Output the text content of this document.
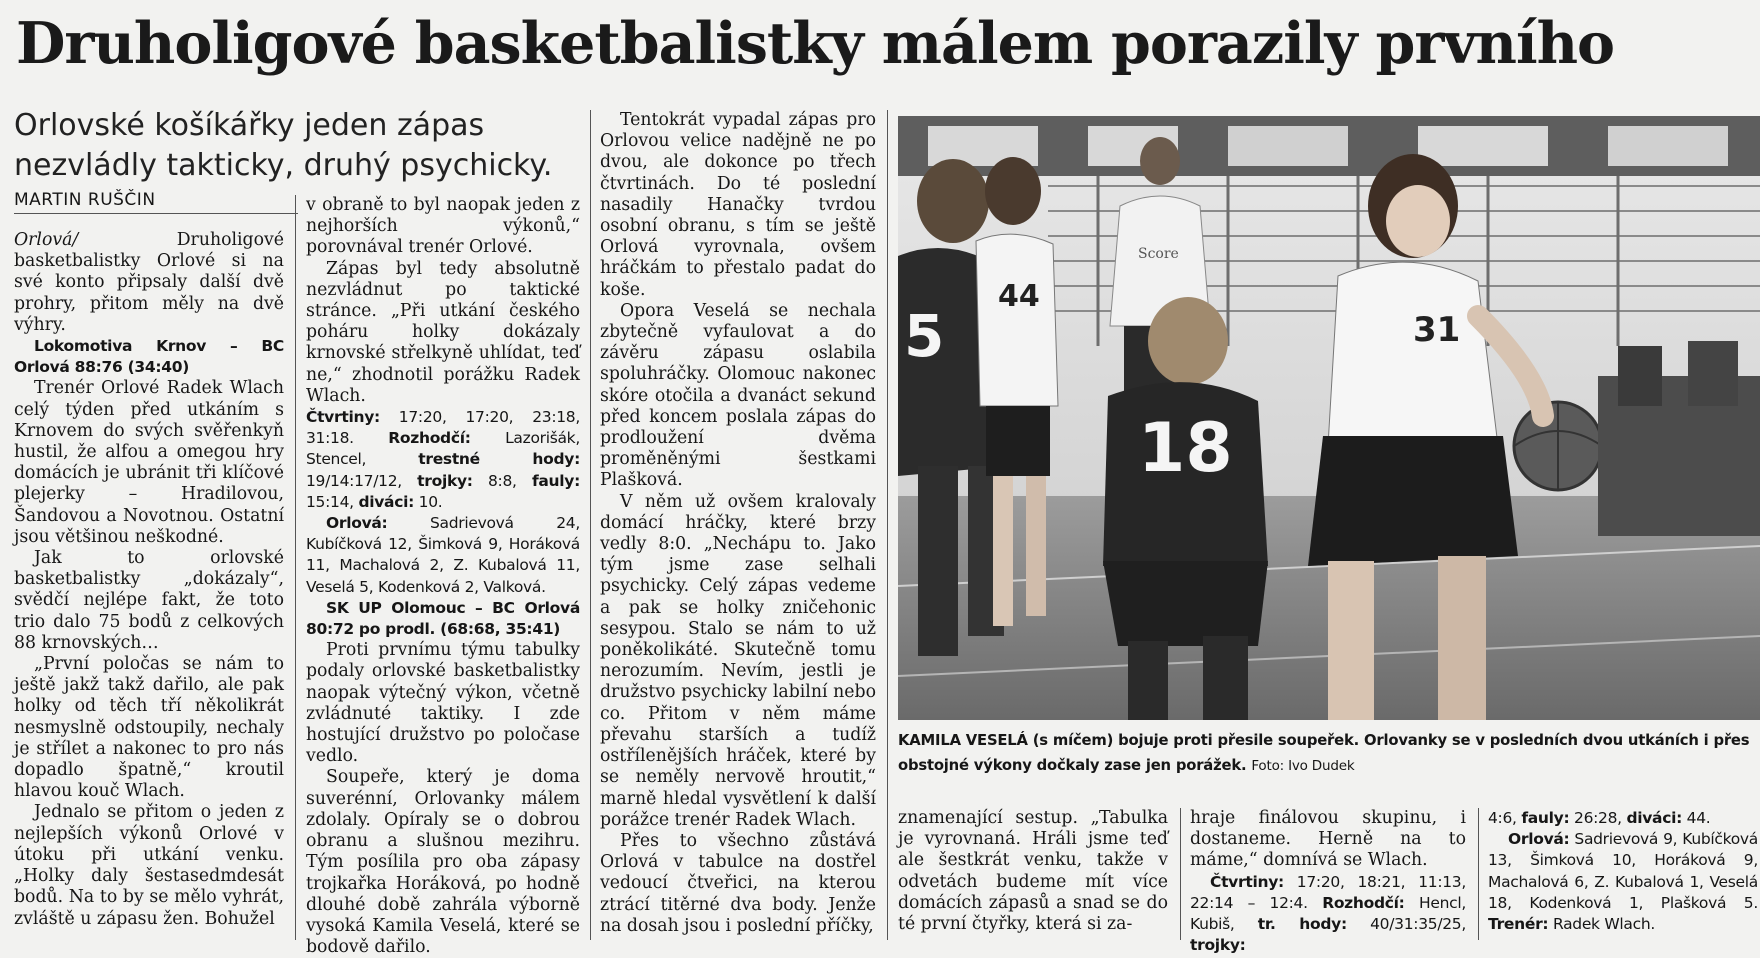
Druholigové basketbalistky málem porazily prvního
Orlovské košíkářky jeden zápas nezvládly takticky, druhý psychicky.
MARTIN RUŠČIN

Orlová/ Druholigové basketbalistky Orlové si na své konto připsaly další dvě prohry, přitom měly na dvě výhry.

Lokomotiva Krnov – BC Orlová 88:76 (34:40)

Trenér Orlové Radek Wlach celý týden před utkáním s Krnovem do svých svěřenkyň hustil, že alfou a omegou hry domácích je ubránit tři klíčové plejerky – Hradilovou, Šandovou a Novotnou. Ostatní jsou většinou neškodné.

Jak to orlovské basketbalistky „dokázaly“, svědčí nejlépe fakt, že toto trio dalo 75 bodů z celkových 88 krnovských…

„První poločas se nám to ještě jakž takž dařilo, ale pak holky od těch tří několikrát nesmyslně odstoupily, nechaly je střílet a nakonec to pro nás dopadlo špatně,“ kroutil hlavou kouč Wlach.

Jednalo se přitom o jeden z nejlepších výkonů Orlové v útoku při utkání venku. „Holky daly šestasedmdesát bodů. Na to by se mělo vyhrát, zvláště u zápasu žen. Bohužel

v obraně to byl naopak jeden z nejhorších výkonů,“ porovnával trenér Orlové.

Zápas byl tedy absolutně nezvládnut po taktické stránce. „Při utkání českého poháru holky dokázaly krnovské střelkyně uhlídat, teď ne,“ zhodnotil porážku Radek Wlach.

Čtvrtiny: 17:20, 17:20, 23:18, 31:18. Rozhodčí: Lazorišák, Stencel, trestné hody: 19/14:17/12, trojky: 8:8, fauly: 15:14, diváci: 10.

Orlová: Sadrievová 24, Kubíčková 12, Šimková 9, Horáková 11, Machalová 2, Z. Kubalová 11, Veselá 5, Kodenková 2, Valková.

SK UP Olomouc – BC Orlová 80:72 po prodl. (68:68, 35:41)

Proti prvnímu týmu tabulky podaly orlovské basketbalistky naopak výtečný výkon, včetně zvládnuté taktiky. I zde hostující družstvo po poločase vedlo.

Soupeře, který je doma suverénní, Orlovanky málem zdolaly. Opíraly se o dobrou obranu a slušnou mezihru. Tým posílila pro oba zápasy trojkařka Horáková, po hodně dlouhé době zahrála výborně vysoká Kamila Veselá, které se bodově dařilo.

Tentokrát vypadal zápas pro Orlovou velice nadějně ne po dvou, ale dokonce po třech čtvrtinách. Do té poslední nasadily Hanačky tvrdou osobní obranu, s tím se ještě Orlová vyrovnala, ovšem hráčkám to přestalo padat do koše.

Opora Veselá se nechala zbytečně vyfaulovat a do závěru zápasu oslabila spoluhráčky. Olomouc nakonec skóre otočila a dvanáct sekund před koncem poslala zápas do prodloužení dvěma proměněnými šestkami Plašková.

V něm už ovšem kralovaly domácí hráčky, které brzy vedly 8:0. „Nechápu to. Jako tým jsme zase selhali psychicky. Celý zápas vedeme a pak se holky zničehonic sesypou. Stalo se nám to už poněkolikáté. Skutečně tomu nerozumím. Nevím, jestli je družstvo psychicky labilní nebo co. Přitom v něm máme převahu starších a tudíž ostřílenějších hráček, které by se neměly nervově hroutit,“ marně hledal vysvětlení k další porážce trenér Radek Wlach.

Přes to všechno zůstává Orlová v tabulce na dostřel vedoucí čtveřici, na kterou ztrácí titěrné dva body. Jenže na dosah jsou i poslední příčky,

Score
5
44
18
31
KAMILA VESELÁ (s míčem) bojuje proti přesile soupeřek. Orlovanky se v posledních dvou utkáních i přes obstojné výkony dočkaly zase jen porážek. Foto: Ivo Dudek

znamenající sestup. „Tabulka je vyrovnaná. Hráli jsme teď ale šestkrát venku, takže v odvetách budeme mít více domácích zápasů a snad se do té první čtyřky, která si za-

hraje finálovou skupinu, i dostaneme. Herně na to máme,“ domnívá se Wlach.

Čtvrtiny: 17:20, 18:21, 11:13, 22:14 – 12:4. Rozhodčí: Hencl, Kubiš, tr. hody: 40/31:35/25, trojky:

4:6, fauly: 26:28, diváci: 44.

Orlová: Sadrievová 9, Kubíčková 13, Šimková 10, Horáková 9, Machalová 6, Z. Kubalová 1, Veselá 18, Kodenková 1, Plašková 5. Trenér: Radek Wlach.
